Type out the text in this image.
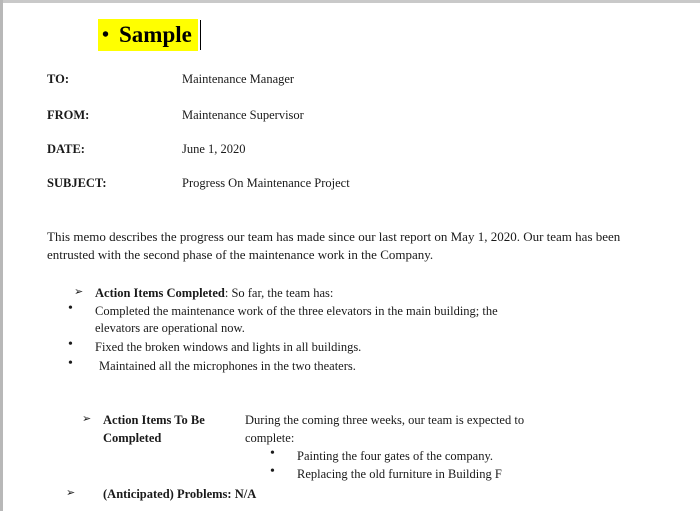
• Sample
TO:	Maintenance Manager
FROM:	Maintenance Supervisor
DATE:	June 1, 2020
SUBJECT:	Progress On Maintenance Project
This memo describes the progress our team has made since our last report on May 1, 2020. Our team has been entrusted with the second phase of the maintenance work in the Company.
➢ Action Items Completed: So far, the team has:
• Completed the maintenance work of the three elevators in the main building; the
elevators are operational now.
• Fixed the broken windows and lights in all buildings.
• Maintained all the microphones in the two theaters.
➢ Action Items To Be
Completed
During the coming three weeks, our team is expected to
complete:
• Painting the four gates of the company.
• Replacing the old furniture in Building F
➢ (Anticipated) Problems: N/A
